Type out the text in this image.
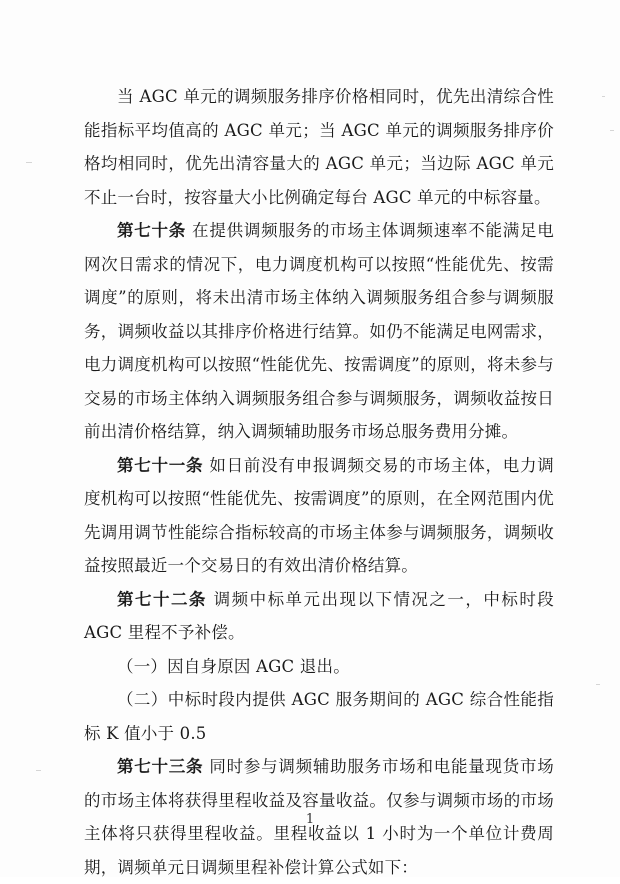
当 AGC 单元的调频服务排序价格相同时，优先出清综合性能指标平均值高的 AGC 单元；当 AGC 单元的调频服务排序价格均相同时，优先出清容量大的 AGC 单元；当边际 AGC 单元不止一台时，按容量大小比例确定每台 AGC 单元的中标容量。

第七十条 在提供调频服务的市场主体调频速率不能满足电网次日需求的情况下，电力调度机构可以按照“性能优先、按需调度”的原则，将未出清市场主体纳入调频服务组合参与调频服务，调频收益以其排序价格进行结算。如仍不能满足电网需求，电力调度机构可以按照“性能优先、按需调度”的原则，将未参与交易的市场主体纳入调频服务组合参与调频服务，调频收益按日前出清价格结算，纳入调频辅助服务市场总服务费用分摊。

第七十一条 如日前没有申报调频交易的市场主体，电力调度机构可以按照“性能优先、按需调度”的原则，在全网范围内优先调用调节性能综合指标较高的市场主体参与调频服务，调频收益按照最近一个交易日的有效出清价格结算。

第七十二条 调频中标单元出现以下情况之一，中标时段 AGC 里程不予补偿。

（一）因自身原因 AGC 退出。

（二）中标时段内提供 AGC 服务期间的 AGC 综合性能指标 K 值小于 0.5

第七十三条 同时参与调频辅助服务市场和电能量现货市场的市场主体将获得里程收益及容量收益。仅参与调频市场的市场主体将只获得里程收益。里程收益以 1 小时为一个单位计费周期，调频单元日调频里程补偿计算公式如下：

1
